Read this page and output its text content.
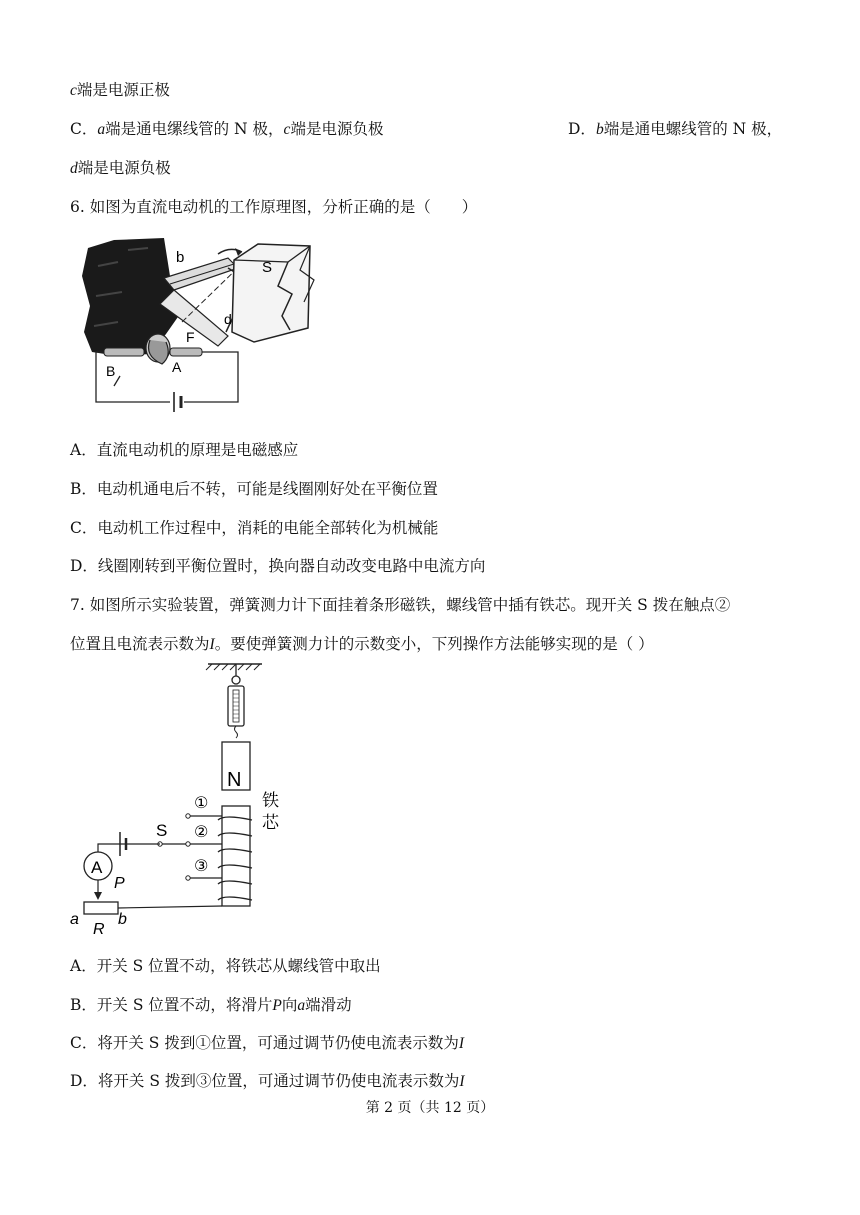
c端是电源正极
C．a端是通电缧线管的 N 极，c端是电源负极	D．b端是通电螺线管的 N 极，
d端是电源负极
6. 如图为直流电动机的工作原理图，分析正确的是（　　）
b
S
d
F
A
B
A．直流电动机的原理是电磁感应
B．电动机通电后不转，可能是线圈刚好处在平衡位置
C．电动机工作过程中，消耗的电能全部转化为机械能
D．线圈刚转到平衡位置时，换向器自动改变电路中电流方向
7. 如图所示实验装置，弹簧测力计下面挂着条形磁铁，螺线管中插有铁芯。现开关 S 拨在触点②
位置且电流表示数为I。要使弹簧测力计的示数变小，下列操作方法能够实现的是（ ）
N
铁
芯
①
②
③
S
A
P
a b
R
A．开关 S 位置不动，将铁芯从螺线管中取出
B．开关 S 位置不动，将滑片P向a端滑动
C．将开关 S 拨到①位置，可通过调节仍使电流表示数为I
D．将开关 S 拨到③位置，可通过调节仍使电流表示数为I
第 2 页（共 12 页）
